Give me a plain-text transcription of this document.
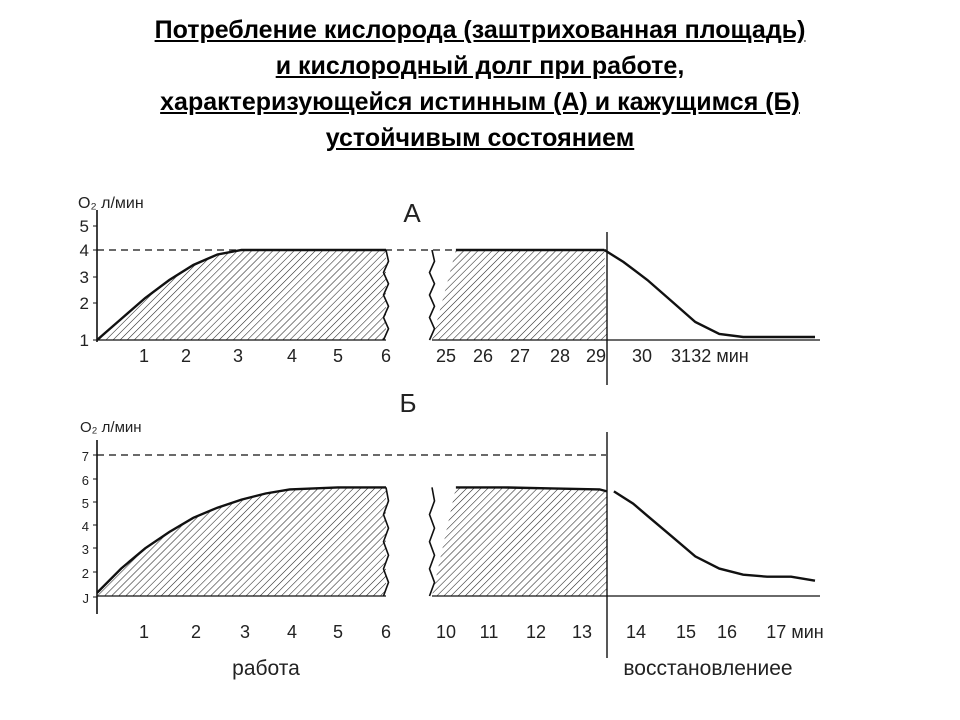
Потребление кислорода (заштрихованная площадь)
и кислородный долг при работе,
характеризующейся истинным (А) и кажущимся (Б)
устойчивым состоянием
1
2
3
4
5
O₂ л/мин	А
1 2 3 4 5 6 25 26 27 28 29 30 31 32 мин
J
2
3
4
5
6
7
O₂ л/мин
Б
1 2 3 4 5 6 10 11 12 13 14 15 16 17 мин
работа	восстановлениее
